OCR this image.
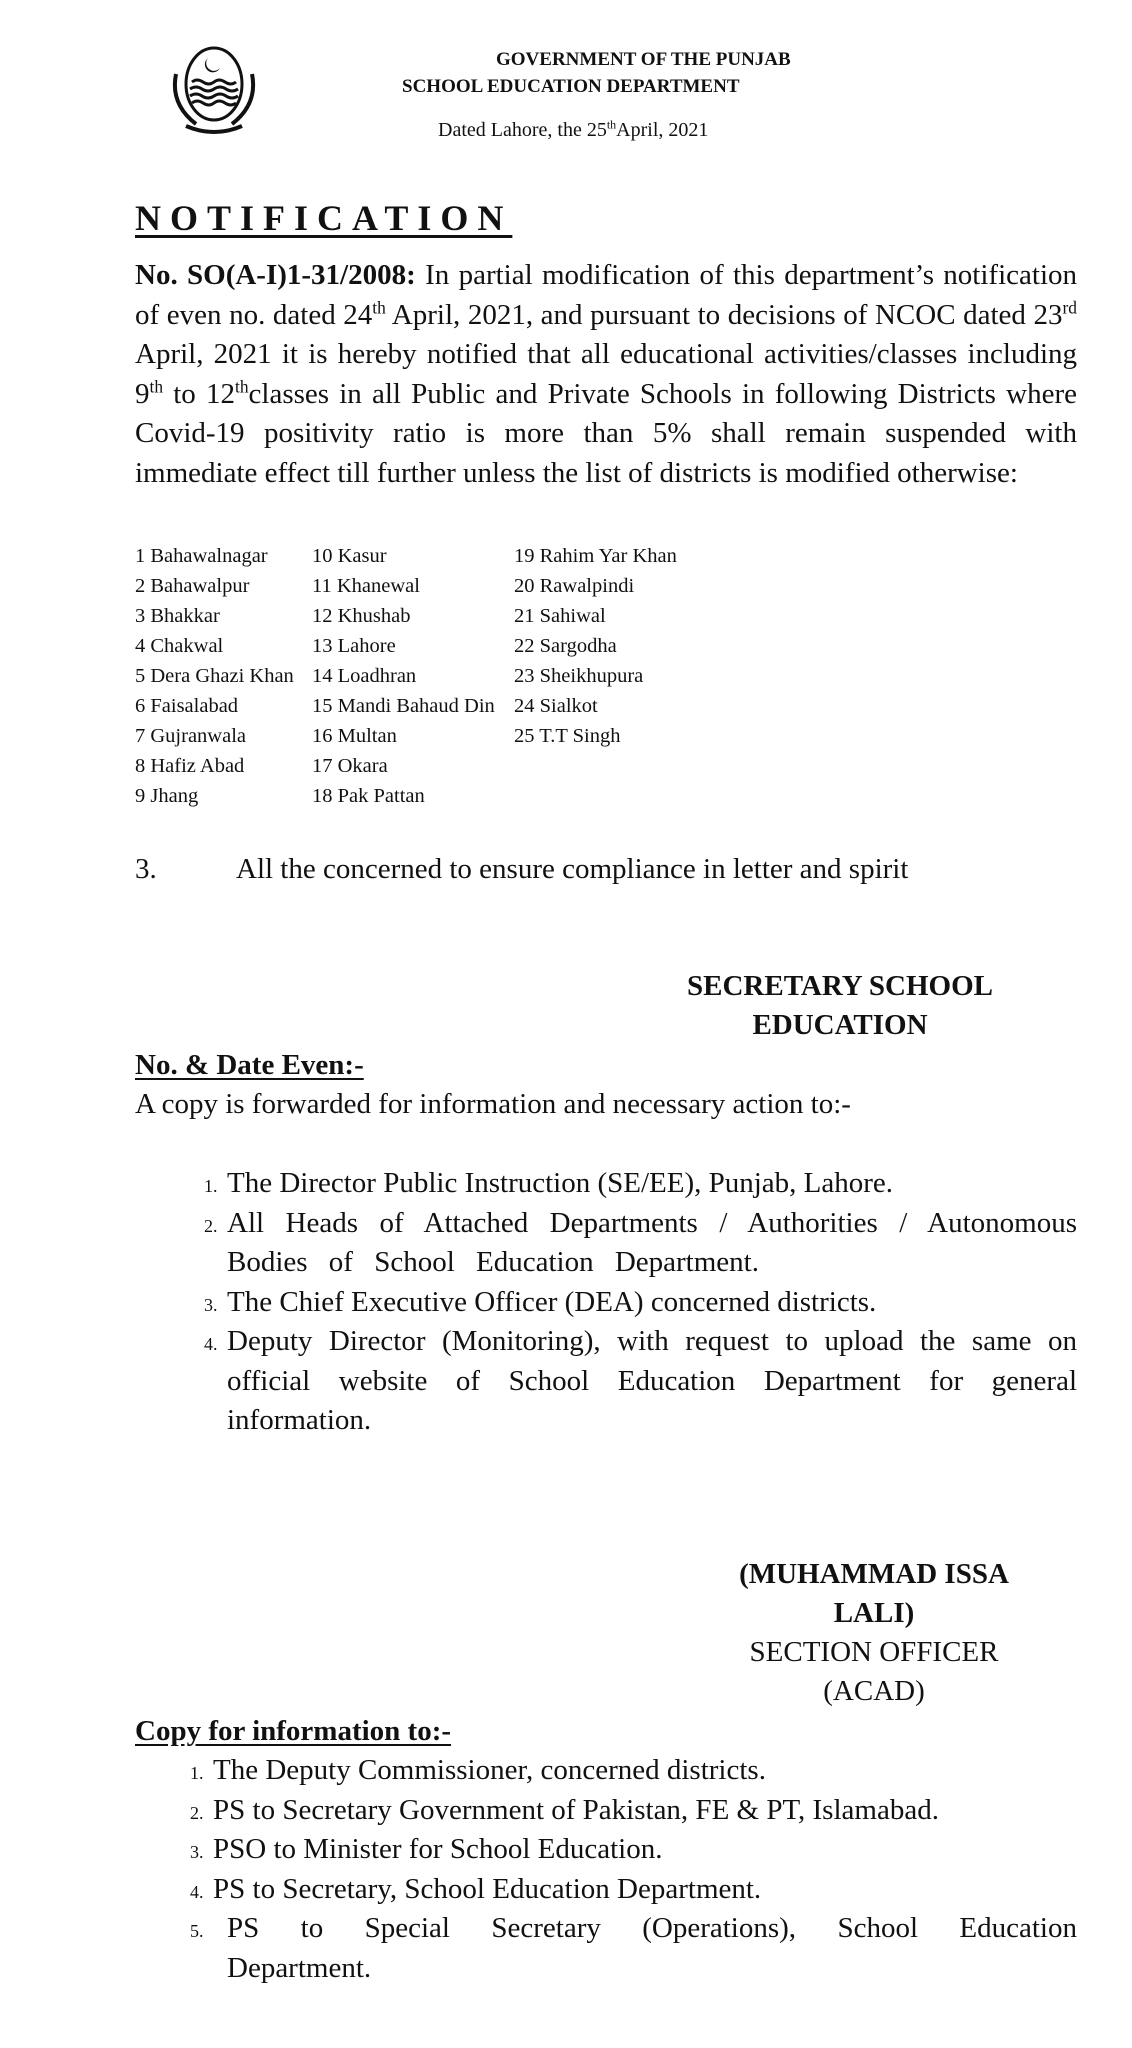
GOVERNMENT OF THE PUNJAB
SCHOOL EDUCATION DEPARTMENT
Dated Lahore, the 25thApril, 2021
NOTIFICATION
No. SO(A-I)1-31/2008: In partial modification of this department’s notification of even no. dated 24th April, 2021, and pursuant to decisions of NCOC dated 23rd April, 2021 it is hereby notified that all educational activities/classes including 9th to 12thclasses in all Public and Private Schools in following Districts where Covid-19 positivity ratio is more than 5% shall remain suspended with immediate effect till further unless the list of districts is modified otherwise:
1 Bahawalnagar
2 Bahawalpur
3 Bhakkar
4 Chakwal
5 Dera Ghazi Khan
6 Faisalabad
7 Gujranwala
8 Hafiz Abad
9 Jhang
10 Kasur
11 Khanewal
12 Khushab
13 Lahore
14 Loadhran
15 Mandi Bahaud Din
16 Multan
17 Okara
18 Pak Pattan
19 Rahim Yar Khan
20 Rawalpindi
21 Sahiwal
22 Sargodha
23 Sheikhupura
24 Sialkot
25 T.T Singh
3.	All the concerned to ensure compliance in letter and spirit
SECRETARY SCHOOL
EDUCATION
No. & Date Even:-
A copy is forwarded for information and necessary action to:-
1. The Director Public Instruction (SE/EE), Punjab, Lahore.
2. All Heads of Attached Departments / Authorities / Autonomous Bodies of School Education Department.
3. The Chief Executive Officer (DEA) concerned districts.
4. Deputy Director (Monitoring), with request to upload the same on official website of School Education Department for general information.
(MUHAMMAD ISSA
LALI)
SECTION OFFICER
(ACAD)
Copy for information to:-
1. The Deputy Commissioner, concerned districts.
2. PS to Secretary Government of Pakistan, FE & PT, Islamabad.
3. PSO to Minister for School Education.
4. PS to Secretary, School Education Department.
5. PS to Special Secretary (Operations), School Education Department.
